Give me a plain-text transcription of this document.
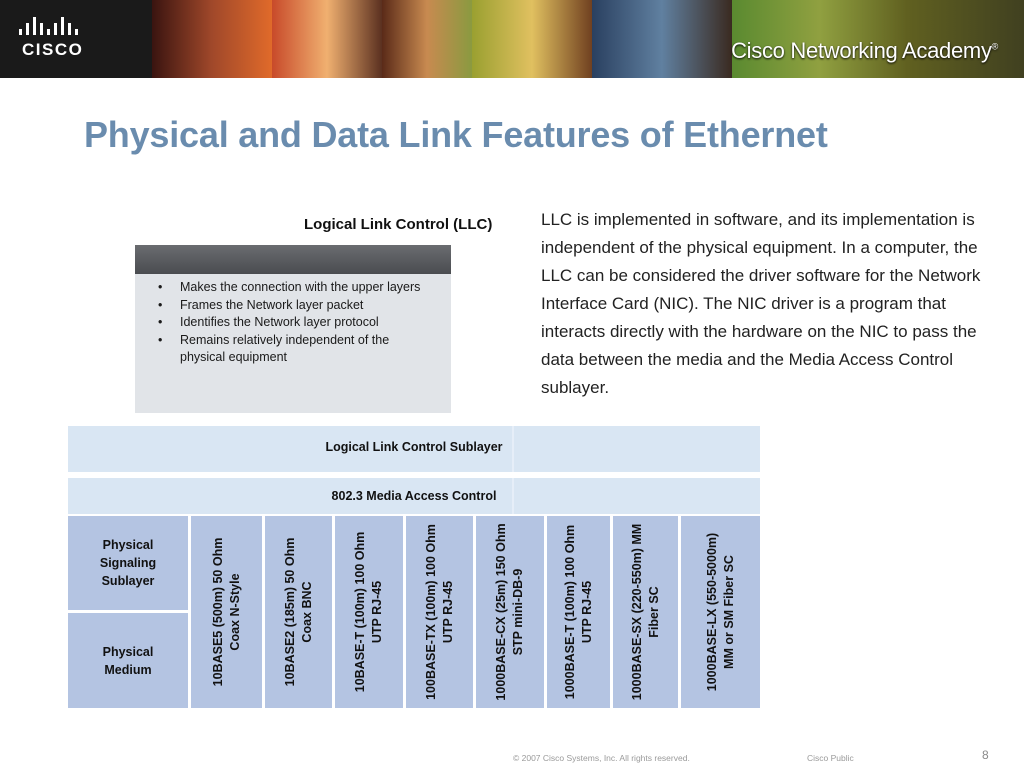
CISCO	Cisco Networking Academy®
Physical and Data Link Features of Ethernet
Logical Link Control (LLC)
• Makes the connection with the upper layers
• Frames the Network layer packet
• Identifies the Network layer protocol
• Remains relatively independent of the physical equipment
LLC is implemented in software, and its implementation is independent of the physical equipment. In a computer, the LLC can be considered the driver software for the Network Interface Card (NIC). The NIC driver is a program that interacts directly with the hardware on the NIC to pass the data between the media and the Media Access Control sublayer.
Logical Link Control Sublayer
802.3 Media Access Control
Physical Signaling Sublayer
Physical Medium	10BASE5 (500m) 50 Ohm Coax N-Style	10BASE2 (185m) 50 Ohm Coax BNC	10BASE-T (100m) 100 Ohm UTP RJ-45	100BASE-TX (100m) 100 Ohm UTP RJ-45	1000BASE-CX (25m) 150 Ohm STP mini-DB-9	1000BASE-T (100m) 100 Ohm UTP RJ-45	1000BASE-SX (220-550m) MM Fiber SC	1000BASE-LX (550-5000m) MM or SM Fiber SC
© 2007 Cisco Systems, Inc. All rights reserved.	Cisco Public	8
